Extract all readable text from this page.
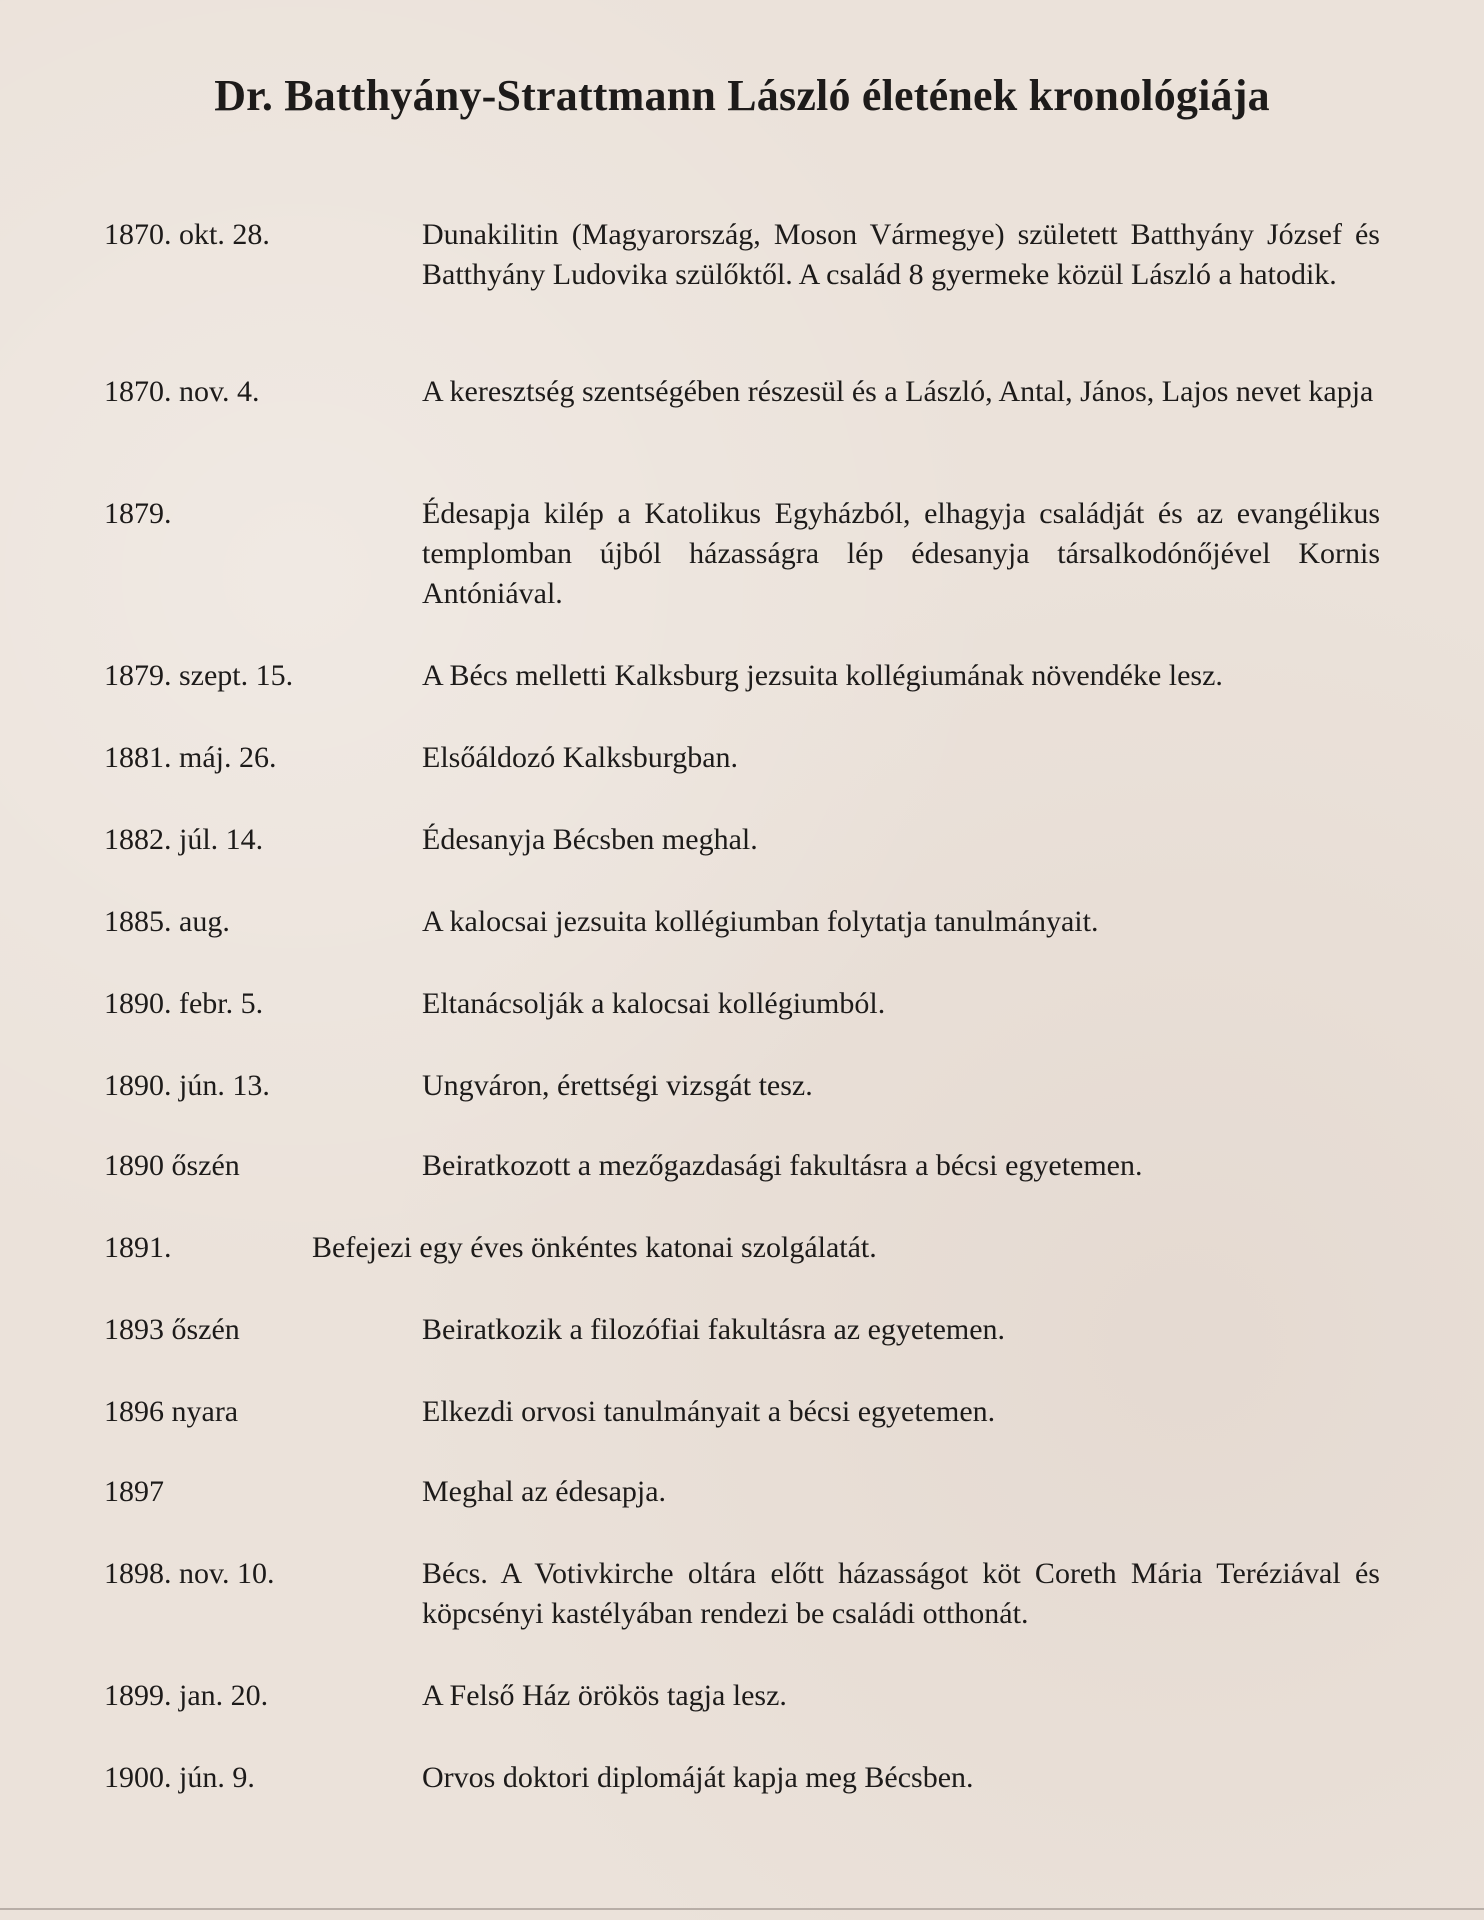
Dr. Batthyány-Strattmann László életének kronológiája
1870. okt. 28.	Dunakilitin (Magyarország, Moson Vármegye) született Batthyány József és Batthyány Ludovika szülőktől. A család 8 gyermeke közül László a hatodik.
1870. nov. 4.	A keresztség szentségében részesül és a László, Antal, János, Lajos nevet kapja
1879.	Édesapja kilép a Katolikus Egyházból, elhagyja családját és az evangélikus templomban újból házasságra lép édesanyja társalkodónőjével Kornis Antóniával.
1879. szept. 15.	A Bécs melletti Kalksburg jezsuita kollégiumának növendéke lesz.
1881. máj. 26.	Elsőáldozó Kalksburgban.
1882. júl. 14.	Édesanyja Bécsben meghal.
1885. aug.	A kalocsai jezsuita kollégiumban folytatja tanulmányait.
1890. febr. 5.	Eltanácsolják a kalocsai kollégiumból.
1890. jún. 13.	Ungváron, érettségi vizsgát tesz.
1890 őszén	Beiratkozott a mezőgazdasági fakultásra a bécsi egyetemen.
1891.	Befejezi egy éves önkéntes katonai szolgálatát.
1893 őszén	Beiratkozik a filozófiai fakultásra az egyetemen.
1896 nyara	Elkezdi orvosi tanulmányait a bécsi egyetemen.
1897	Meghal az édesapja.
1898. nov. 10.	Bécs. A Votivkirche oltára előtt házasságot köt Coreth Mária Teréziával és köpcsényi kastélyában rendezi be családi otthonát.
1899. jan. 20.	A Felső Ház örökös tagja lesz.
1900. jún. 9.	Orvos doktori diplomáját kapja meg Bécsben.
